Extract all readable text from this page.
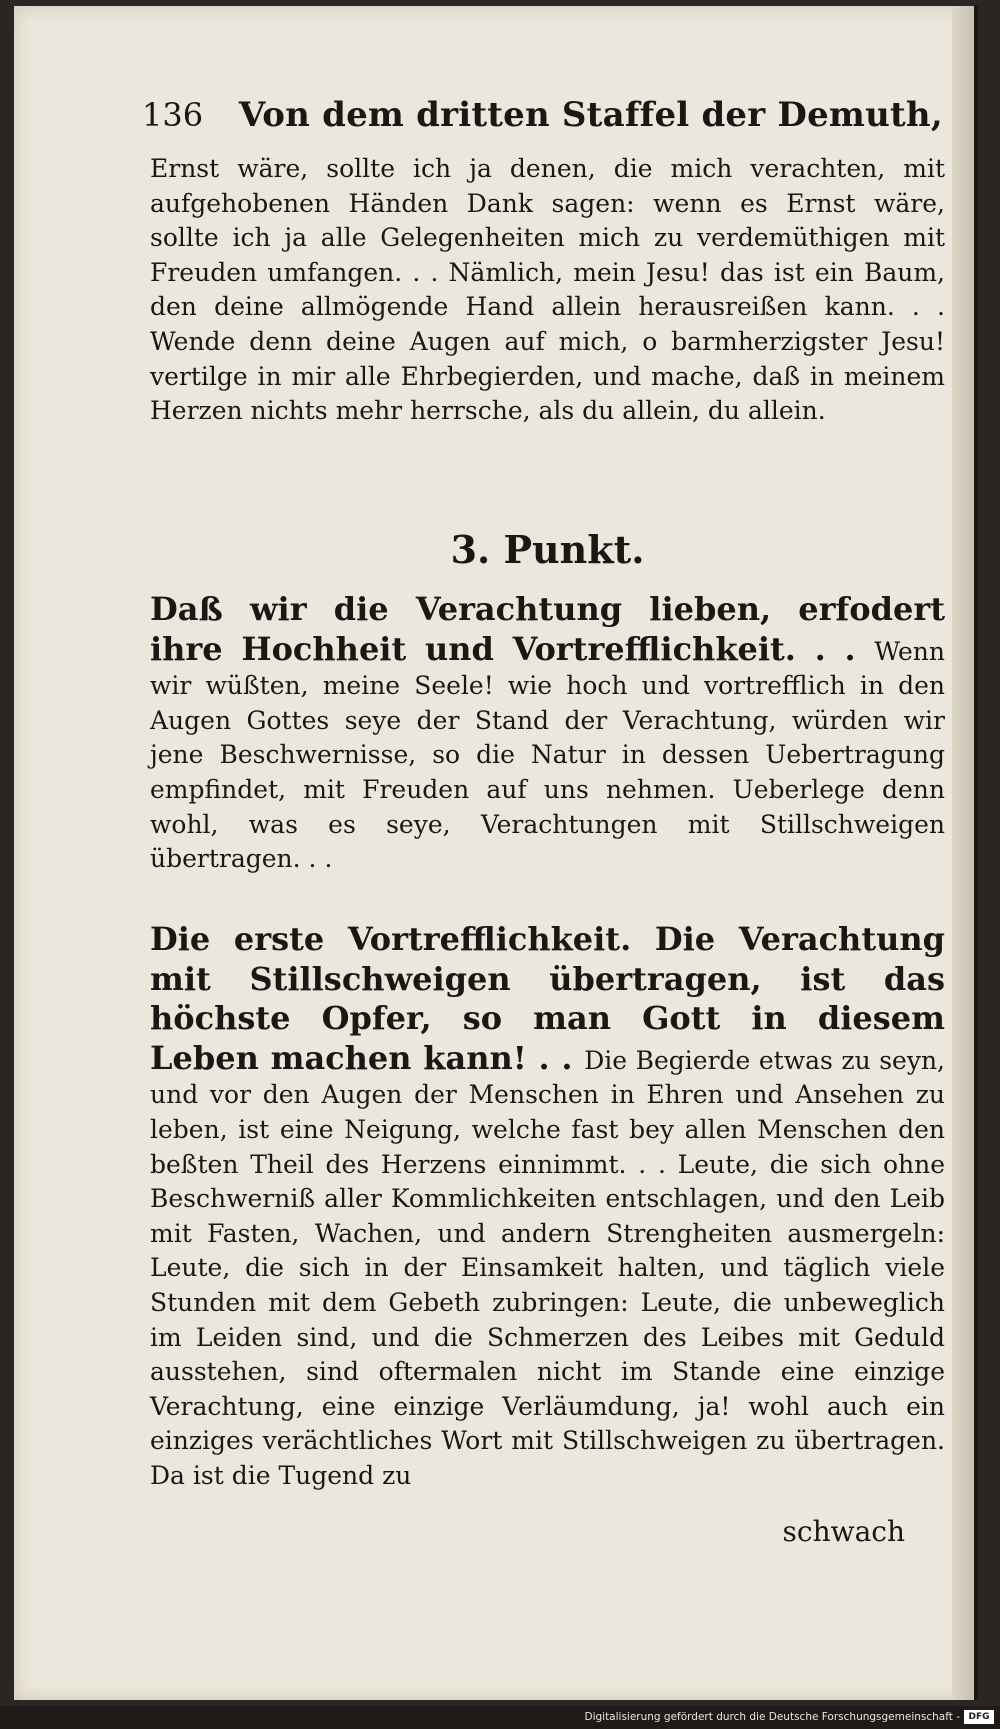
136 Von dem dritten Staffel der Demuth,
Ernst wäre, sollte ich ja denen, die mich verachten, mit aufgehobenen Händen Dank sagen: wenn es Ernst wäre, sollte ich ja alle Gelegenheiten mich zu verdemüthigen mit Freuden umfangen. . . Nämlich, mein Jesu! das ist ein Baum, den deine allmögende Hand allein herausreißen kann. . . Wende denn deine Augen auf mich, o barmherzigster Jesu! vertilge in mir alle Ehrbegierden, und mache, daß in meinem Herzen nichts mehr herrsche, als du allein, du allein.
3. Punkt.
Daß wir die Verachtung lieben, erfodert ihre Hochheit und Vortrefflichkeit. . . Wenn wir wüßten, meine Seele! wie hoch und vortrefflich in den Augen Gottes seye der Stand der Verachtung, würden wir jene Beschwernisse, so die Natur in dessen Uebertragung empfindet, mit Freuden auf uns nehmen. Ueberlege denn wohl, was es seye, Verachtungen mit Stillschweigen übertragen. . .
Die erste Vortrefflichkeit. Die Verachtung mit Stillschweigen übertragen, ist das höchste Opfer, so man Gott in diesem Leben machen kann! . . Die Begierde etwas zu seyn, und vor den Augen der Menschen in Ehren und Ansehen zu leben, ist eine Neigung, welche fast bey allen Menschen den beßten Theil des Herzens einnimmt. . . Leute, die sich ohne Beschwerniß aller Kommlichkeiten entschlagen, und den Leib mit Fasten, Wachen, und andern Strengheiten ausmergeln: Leute, die sich in der Einsamkeit halten, und täglich viele Stunden mit dem Gebeth zubringen: Leute, die unbeweglich im Leiden sind, und die Schmerzen des Leibes mit Geduld ausstehen, sind oftermalen nicht im Stande eine einzige Verachtung, eine einzige Verläumdung, ja! wohl auch ein einziges verächtliches Wort mit Stillschweigen zu übertragen. Da ist die Tugend zu
schwach
Digitalisierung gefördert durch die Deutsche Forschungsgemeinschaft - DFG
